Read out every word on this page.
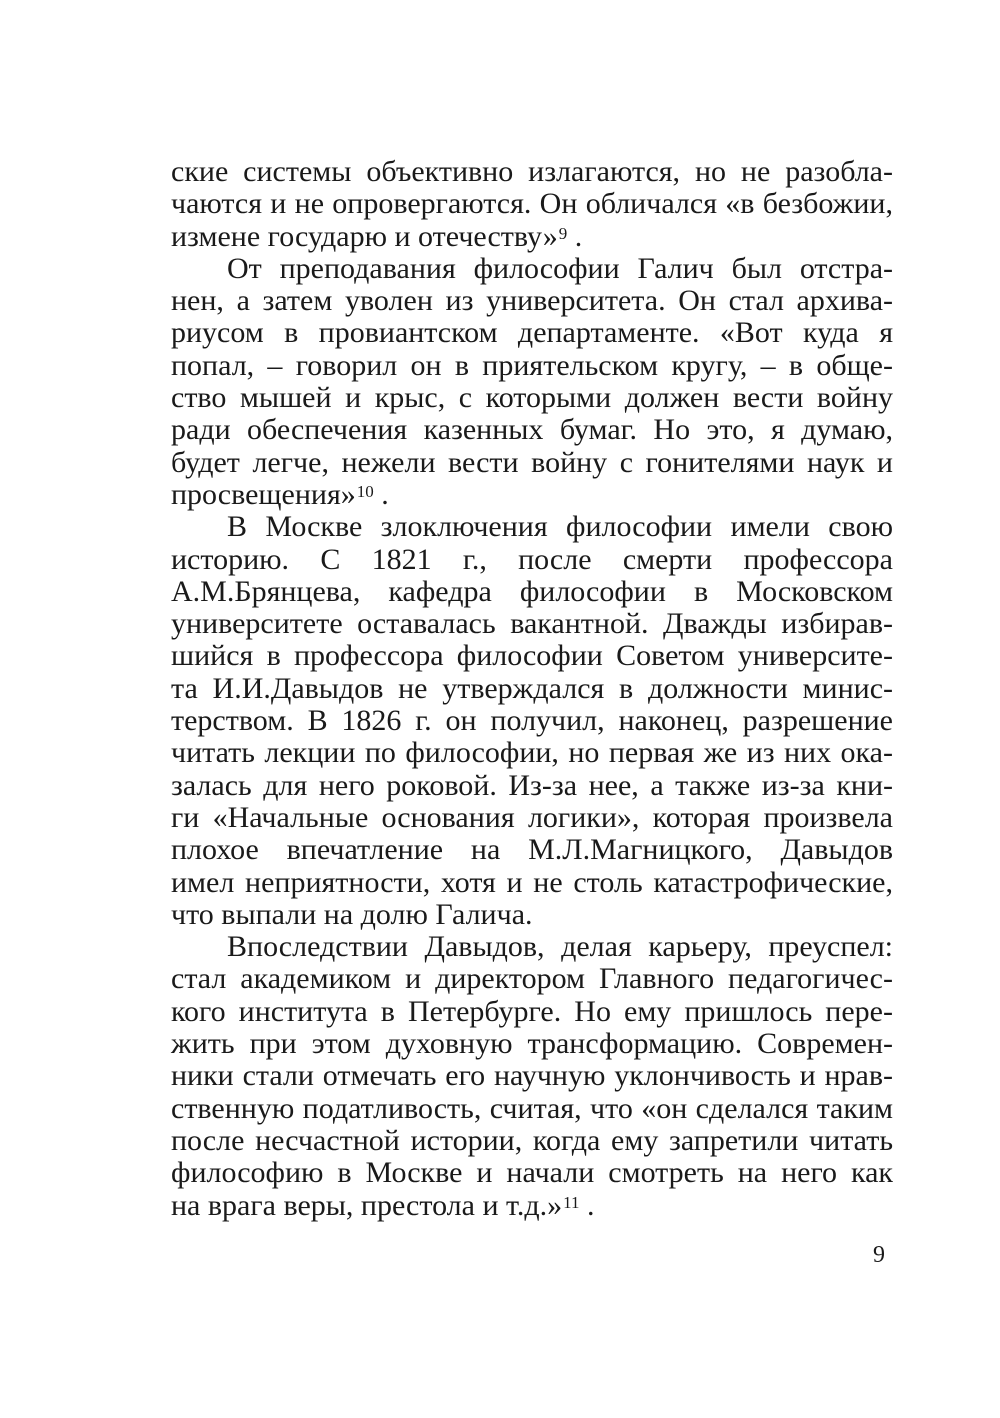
ские системы объективно излагаются, но не разобла-
чаются и не опровергаются. Он обличался «в безбожии,
измене государю и отечеству»$^9$ .
От преподавания философии Галич был отстра-
нен, а затем уволен из университета. Он стал архива-
риусом в провиантском департаменте. «Вот куда я
попал, – говорил он в приятельском кругу, – в обще-
ство мышей и крыс, с которыми должен вести войну
ради обеспечения казенных бумаг. Но это, я думаю,
будет легче, нежели вести войну с гонителями наук и
просвещения»$^{10}$ .
В Москве злоключения философии имели свою
историю. С 1821 г., после смерти профессора
А.М.Брянцева, кафедра философии в Московском
университете оставалась вакантной. Дважды избирав-
шийся в профессора философии Советом университе-
та И.И.Давыдов не утверждался в должности минис-
терством. В 1826 г. он получил, наконец, разрешение
читать лекции по философии, но первая же из них ока-
залась для него роковой. Из-за нее, а также из-за кни-
ги «Начальные основания логики», которая произвела
плохое впечатление на М.Л.Магницкого, Давыдов
имел неприятности, хотя и не столь катастрофические,
что выпали на долю Галича.
Впоследствии Давыдов, делая карьеру, преуспел:
стал академиком и директором Главного педагогичес-
кого института в Петербурге. Но ему пришлось пере-
жить при этом духовную трансформацию. Современ-
ники стали отмечать его научную уклончивость и нрав-
ственную податливость, считая, что «он сделался таким
после несчастной истории, когда ему запретили читать
философию в Москве и начали смотреть на него как
на врага веры, престола и т.д.»$^{11}$ .
9
